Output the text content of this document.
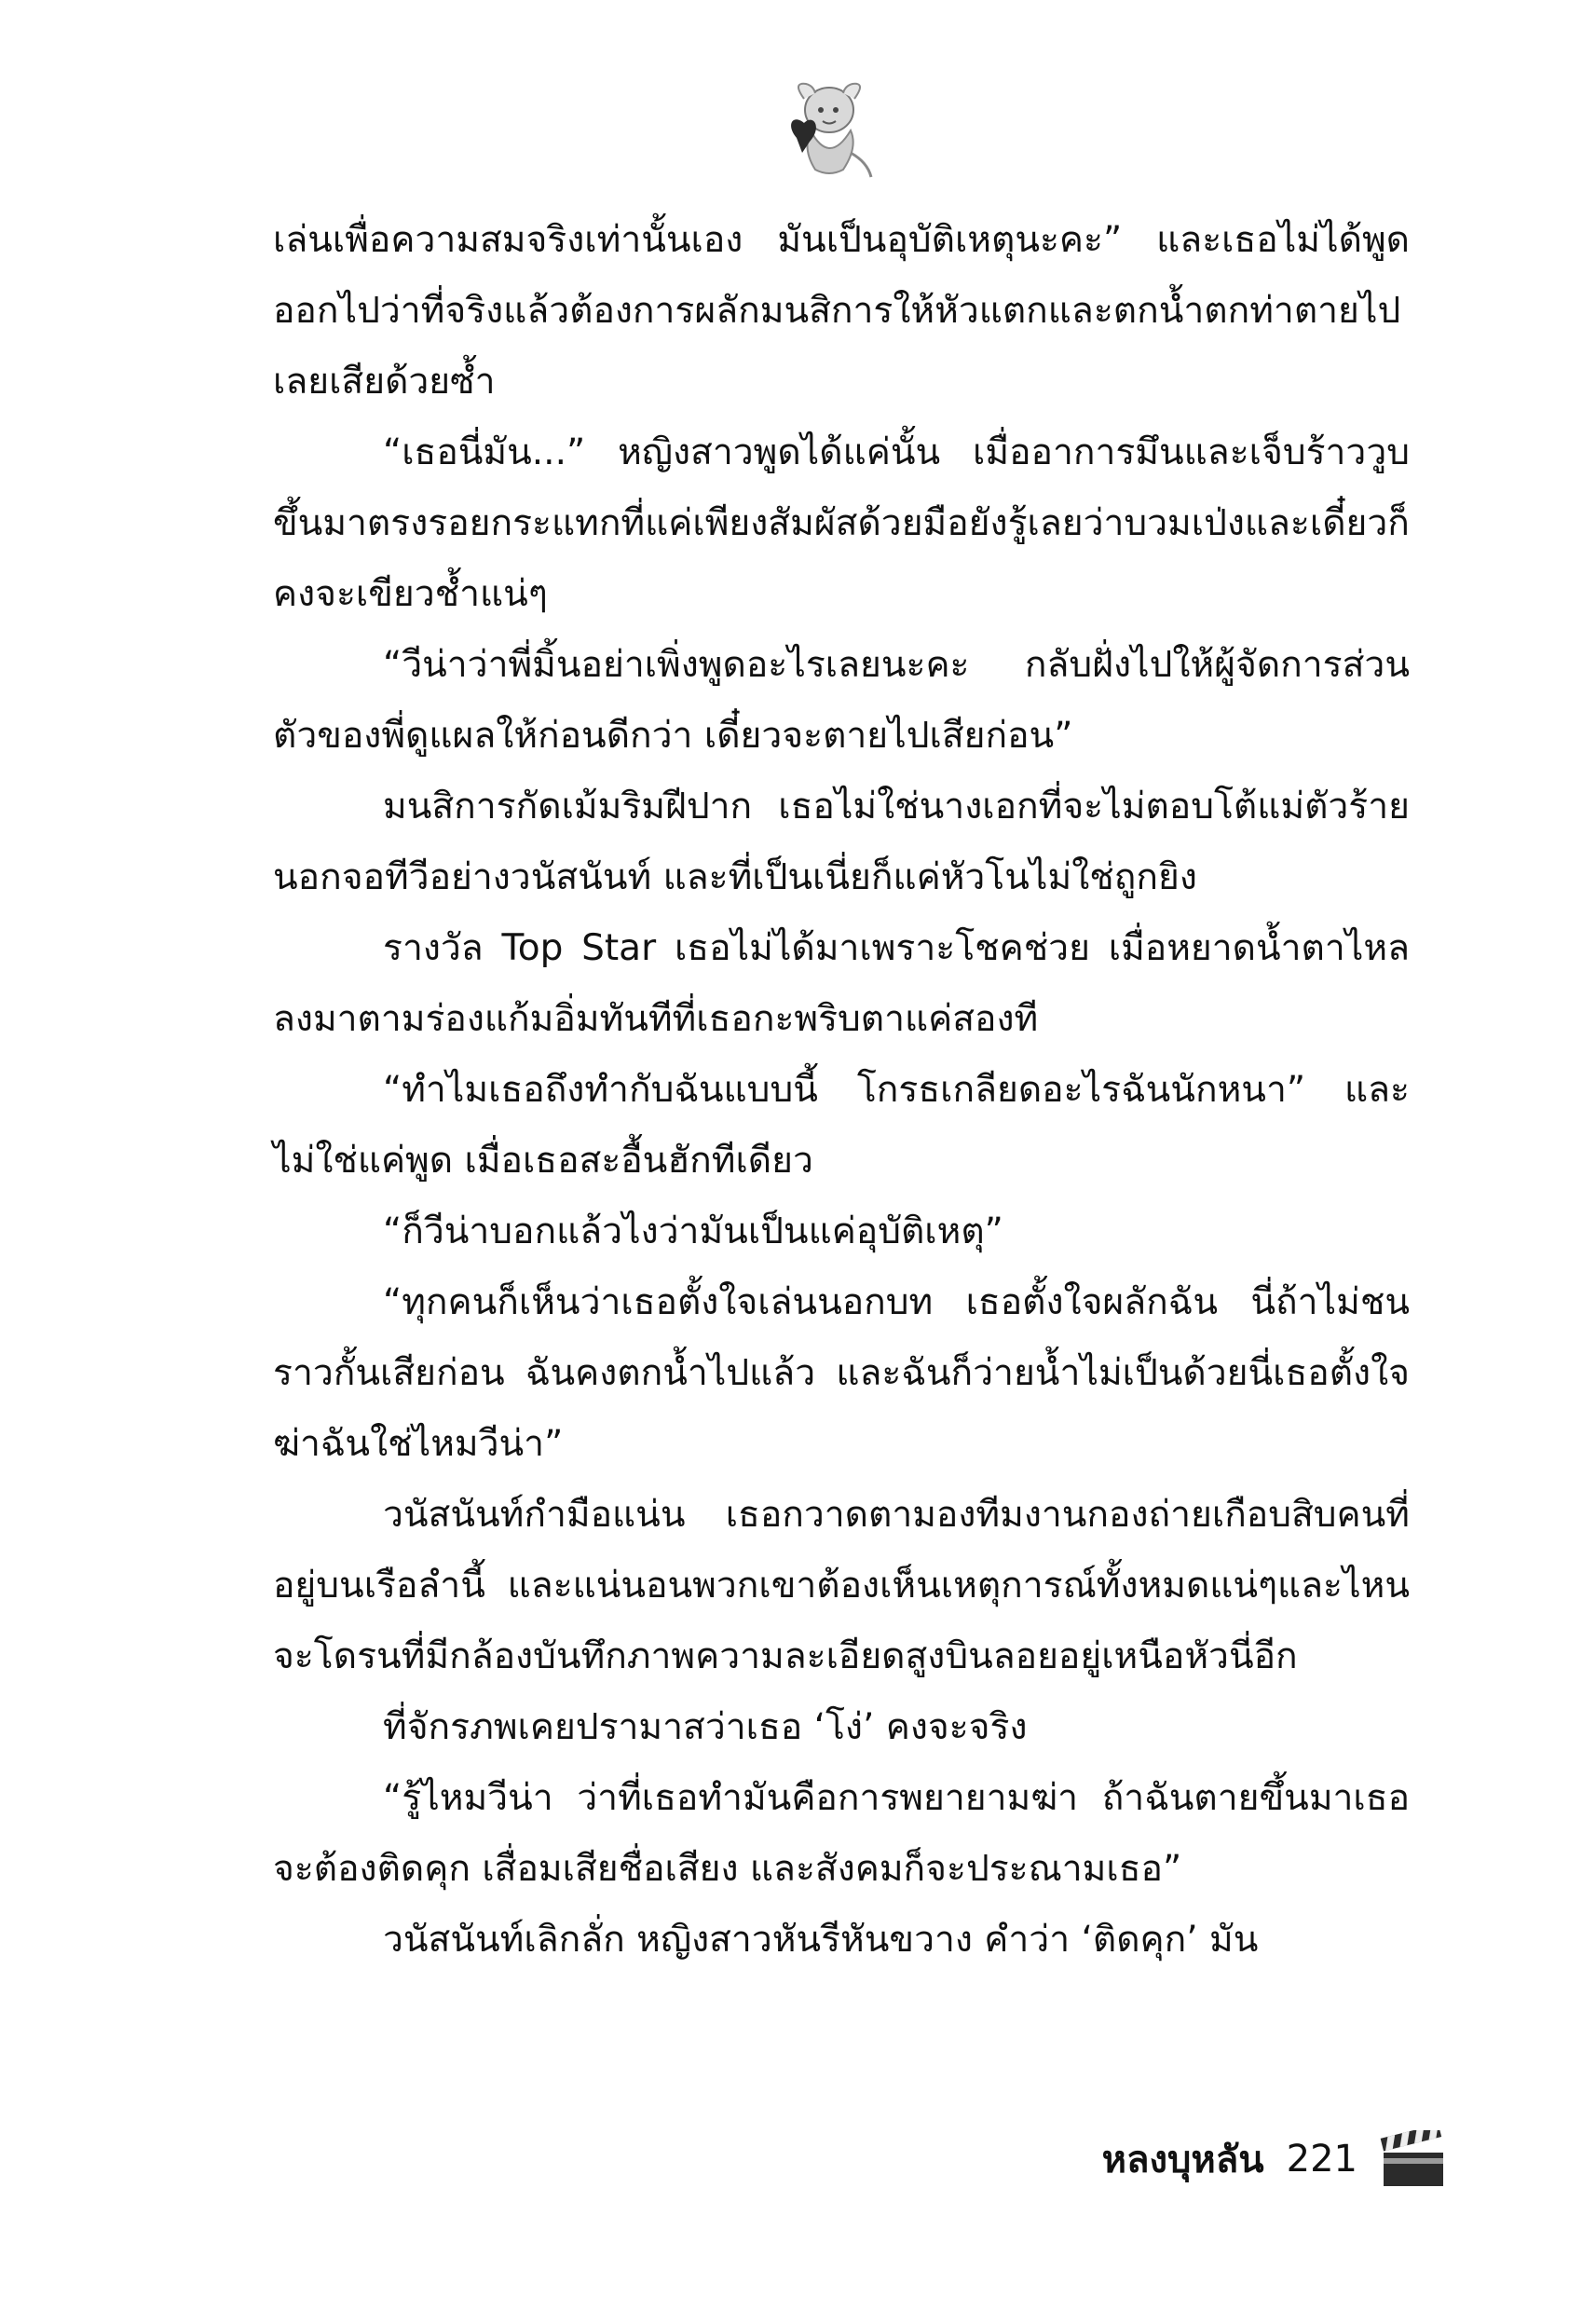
เล่นเพื่อความสมจริงเท่านั้นเอง มันเป็นอุบัติเหตุนะคะ” และเธอไม่ได้พูดออกไปว่าที่จริงแล้วต้องการผลักมนสิการให้หัวแตกและตกน้ำตกท่าตายไปเลยเสียด้วยซ้ำ

“เธอนี่มัน...” หญิงสาวพูดได้แค่นั้น เมื่ออาการมึนและเจ็บร้าววูบขึ้นมาตรงรอยกระแทกที่แค่เพียงสัมผัสด้วยมือยังรู้เลยว่าบวมเป่งและเดี๋ยวก็คงจะเขียวช้ำแน่ๆ

“วีน่าว่าพี่มิ้นอย่าเพิ่งพูดอะไรเลยนะคะ กลับฝั่งไปให้ผู้จัดการส่วนตัวของพี่ดูแผลให้ก่อนดีกว่า เดี๋ยวจะตายไปเสียก่อน”

มนสิการกัดเม้มริมฝีปาก เธอไม่ใช่นางเอกที่จะไม่ตอบโต้แม่ตัวร้ายนอกจอทีวีอย่างวนัสนันท์ และที่เป็นเนี่ยก็แค่หัวโนไม่ใช่ถูกยิง

รางวัล Top Star เธอไม่ได้มาเพราะโชคช่วย เมื่อหยาดน้ำตาไหลลงมาตามร่องแก้มอิ่มทันทีที่เธอกะพริบตาแค่สองที

“ทำไมเธอถึงทำกับฉันแบบนี้ โกรธเกลียดอะไรฉันนักหนา” และไม่ใช่แค่พูด เมื่อเธอสะอื้นฮักทีเดียว

“ก็วีน่าบอกแล้วไงว่ามันเป็นแค่อุบัติเหตุ”

“ทุกคนก็เห็นว่าเธอตั้งใจเล่นนอกบท เธอตั้งใจผลักฉัน นี่ถ้าไม่ชนราวกั้นเสียก่อน ฉันคงตกน้ำไปแล้ว และฉันก็ว่ายน้ำไม่เป็นด้วยนี่เธอตั้งใจฆ่าฉันใช่ไหมวีน่า”

วนัสนันท์กำมือแน่น เธอกวาดตามองทีมงานกองถ่ายเกือบสิบคนที่อยู่บนเรือลำนี้ และแน่นอนพวกเขาต้องเห็นเหตุการณ์ทั้งหมดแน่ๆและไหนจะโดรนที่มีกล้องบันทึกภาพความละเอียดสูงบินลอยอยู่เหนือหัวนี่อีก

ที่จักรภพเคยปรามาสว่าเธอ ‘โง่’ คงจะจริง

“รู้ไหมวีน่า ว่าที่เธอทำมันคือการพยายามฆ่า ถ้าฉันตายขึ้นมาเธอจะต้องติดคุก เสื่อมเสียชื่อเสียง และสังคมก็จะประณามเธอ”

วนัสนันท์เลิกลั่ก หญิงสาวหันรีหันขวาง คำว่า ‘ติดคุก’ มัน

หลงบุหลัน 221
